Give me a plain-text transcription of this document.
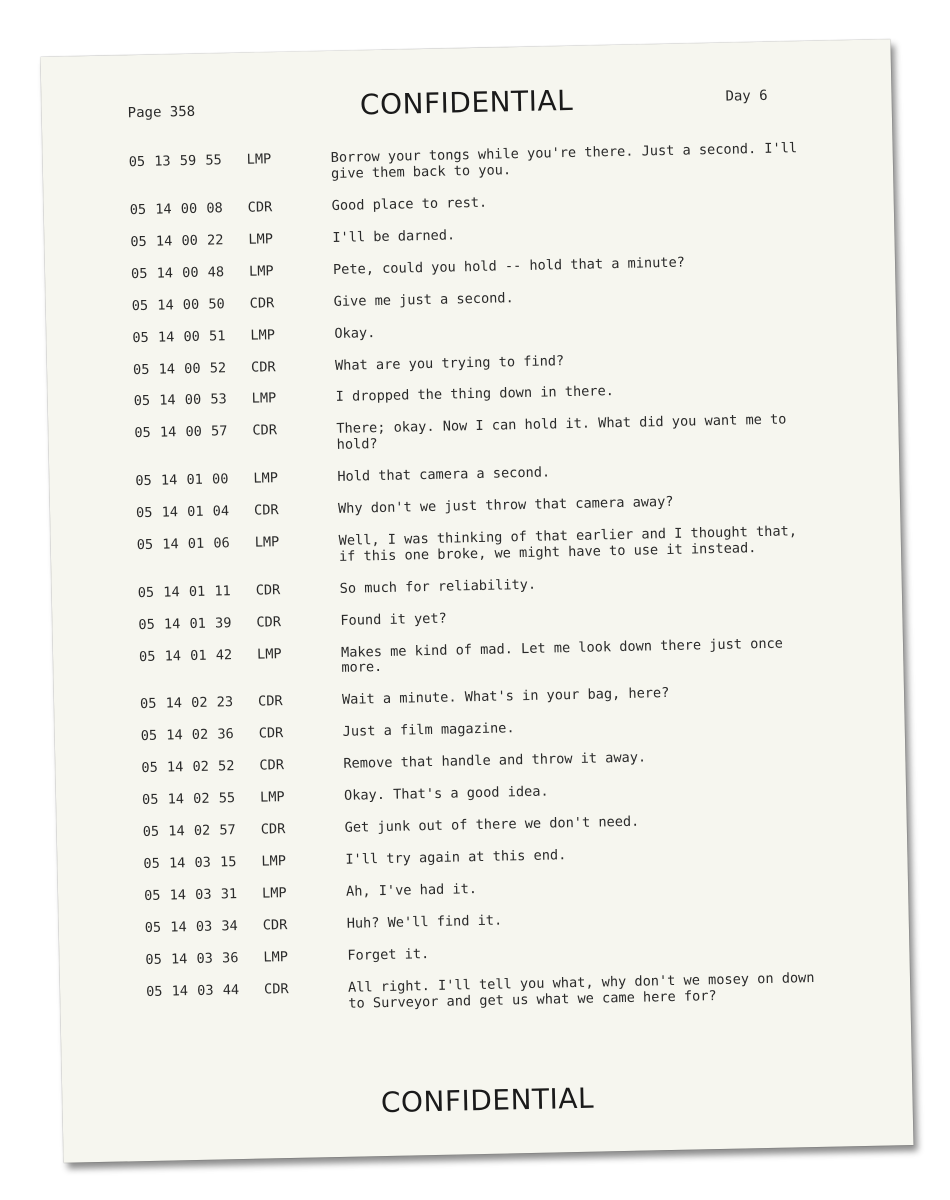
Page 358	CONFIDENTIAL	Day 6
05 13 59 55	LMP	Borrow your tongs while you're there. Just a second. I'll give them back to you.
05 14 00 08	CDR	Good place to rest.
05 14 00 22	LMP	I'll be darned.
05 14 00 48	LMP	Pete, could you hold -- hold that a minute?
05 14 00 50	CDR	Give me just a second.
05 14 00 51	LMP	Okay.
05 14 00 52	CDR	What are you trying to find?
05 14 00 53	LMP	I dropped the thing down in there.
05 14 00 57	CDR	There; okay. Now I can hold it. What did you want me to hold?
05 14 01 00	LMP	Hold that camera a second.
05 14 01 04	CDR	Why don't we just throw that camera away?
05 14 01 06	LMP	Well, I was thinking of that earlier and I thought that, if this one broke, we might have to use it instead.
05 14 01 11	CDR	So much for reliability.
05 14 01 39	CDR	Found it yet?
05 14 01 42	LMP	Makes me kind of mad. Let me look down there just once more.
05 14 02 23	CDR	Wait a minute. What's in your bag, here?
05 14 02 36	CDR	Just a film magazine.
05 14 02 52	CDR	Remove that handle and throw it away.
05 14 02 55	LMP	Okay. That's a good idea.
05 14 02 57	CDR	Get junk out of there we don't need.
05 14 03 15	LMP	I'll try again at this end.
05 14 03 31	LMP	Ah, I've had it.
05 14 03 34	CDR	Huh? We'll find it.
05 14 03 36	LMP	Forget it.
05 14 03 44	CDR	All right. I'll tell you what, why don't we mosey on down to Surveyor and get us what we came here for?
CONFIDENTIAL
